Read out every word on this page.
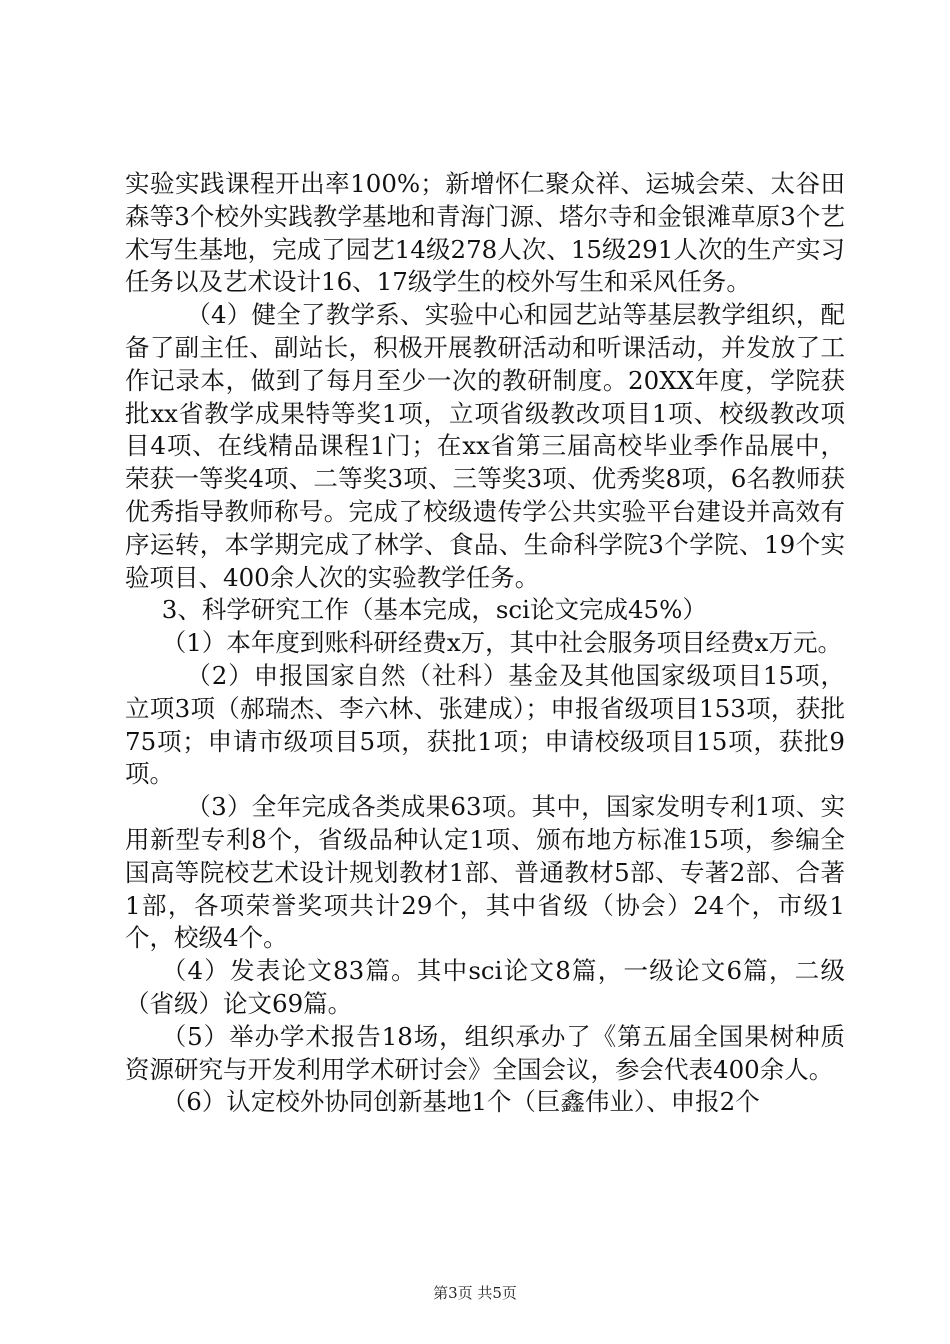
实验实践课程开出率100%；新增怀仁聚众祥、运城会荣、太谷田森等3个校外实践教学基地和青海门源、塔尔寺和金银滩草原3个艺术写生基地，完成了园艺14级278人次、15级291人次的生产实习任务以及艺术设计16、17级学生的校外写生和采风任务。

（4）健全了教学系、实验中心和园艺站等基层教学组织，配备了副主任、副站长，积极开展教研活动和听课活动，并发放了工作记录本，做到了每月至少一次的教研制度。20XX年度，学院获批xx省教学成果特等奖1项，立项省级教改项目1项、校级教改项目4项、在线精品课程1门；在xx省第三届高校毕业季作品展中，荣获一等奖4项、二等奖3项、三等奖3项、优秀奖8项，6名教师获优秀指导教师称号。完成了校级遗传学公共实验平台建设并高效有序运转，本学期完成了林学、食品、生命科学院3个学院、19个实验项目、400余人次的实验教学任务。

3、科学研究工作（基本完成，sci论文完成45%）

（1）本年度到账科研经费x万，其中社会服务项目经费x万元。

（2）申报国家自然（社科）基金及其他国家级项目15项，立项3项（郝瑞杰、李六林、张建成）；申报省级项目153项，获批75项；申请市级项目5项，获批1项；申请校级项目15项，获批9项。

（3）全年完成各类成果63项。其中，国家发明专利1项、实用新型专利8个，省级品种认定1项、颁布地方标准15项，参编全国高等院校艺术设计规划教材1部、普通教材5部、专著2部、合著1部，各项荣誉奖项共计29个，其中省级（协会）24个，市级1个，校级4个。

（4）发表论文83篇。其中sci论文8篇，一级论文6篇，二级（省级）论文69篇。

（5）举办学术报告18场，组织承办了《第五届全国果树种质资源研究与开发利用学术研讨会》全国会议，参会代表400余人。

（6）认定校外协同创新基地1个（巨鑫伟业）、申报2个

第3页 共5页
